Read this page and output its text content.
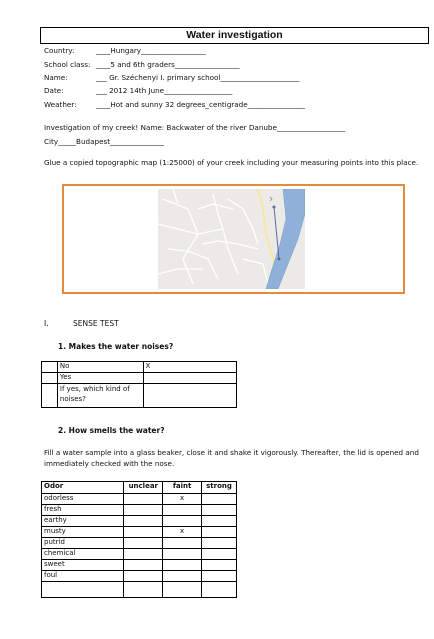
Water investigation
Country:	____Hungary__________________
School class: ____5 and 6th graders__________________
Name:	___ Gr. Széchenyi I. primary school______________________
Date:	___ 2012 14th June___________________
Weather:	____Hot and sunny 32 degrees_centigrade________________
Investigation of my creek! Name: Backwater of the river Danube___________________
City_____Budapest_______________
Glue a copied topographic map (1:25000) of your creek including your measuring points into this place.
I.	SENSE TEST
1. Makes the water noises?
	No	X
	Yes	
	If yes, which kind of noises?	
2. How smells the water?
Fill a water sample into a glass beaker, close it and shake it vigorously. Thereafter, the lid is opened and immediately checked with the nose.
Odor	unclear	faint	strong
odorless		x	
fresh			
earthy			
musty		x	
putrid			
chemical			
sweet			
foul			
